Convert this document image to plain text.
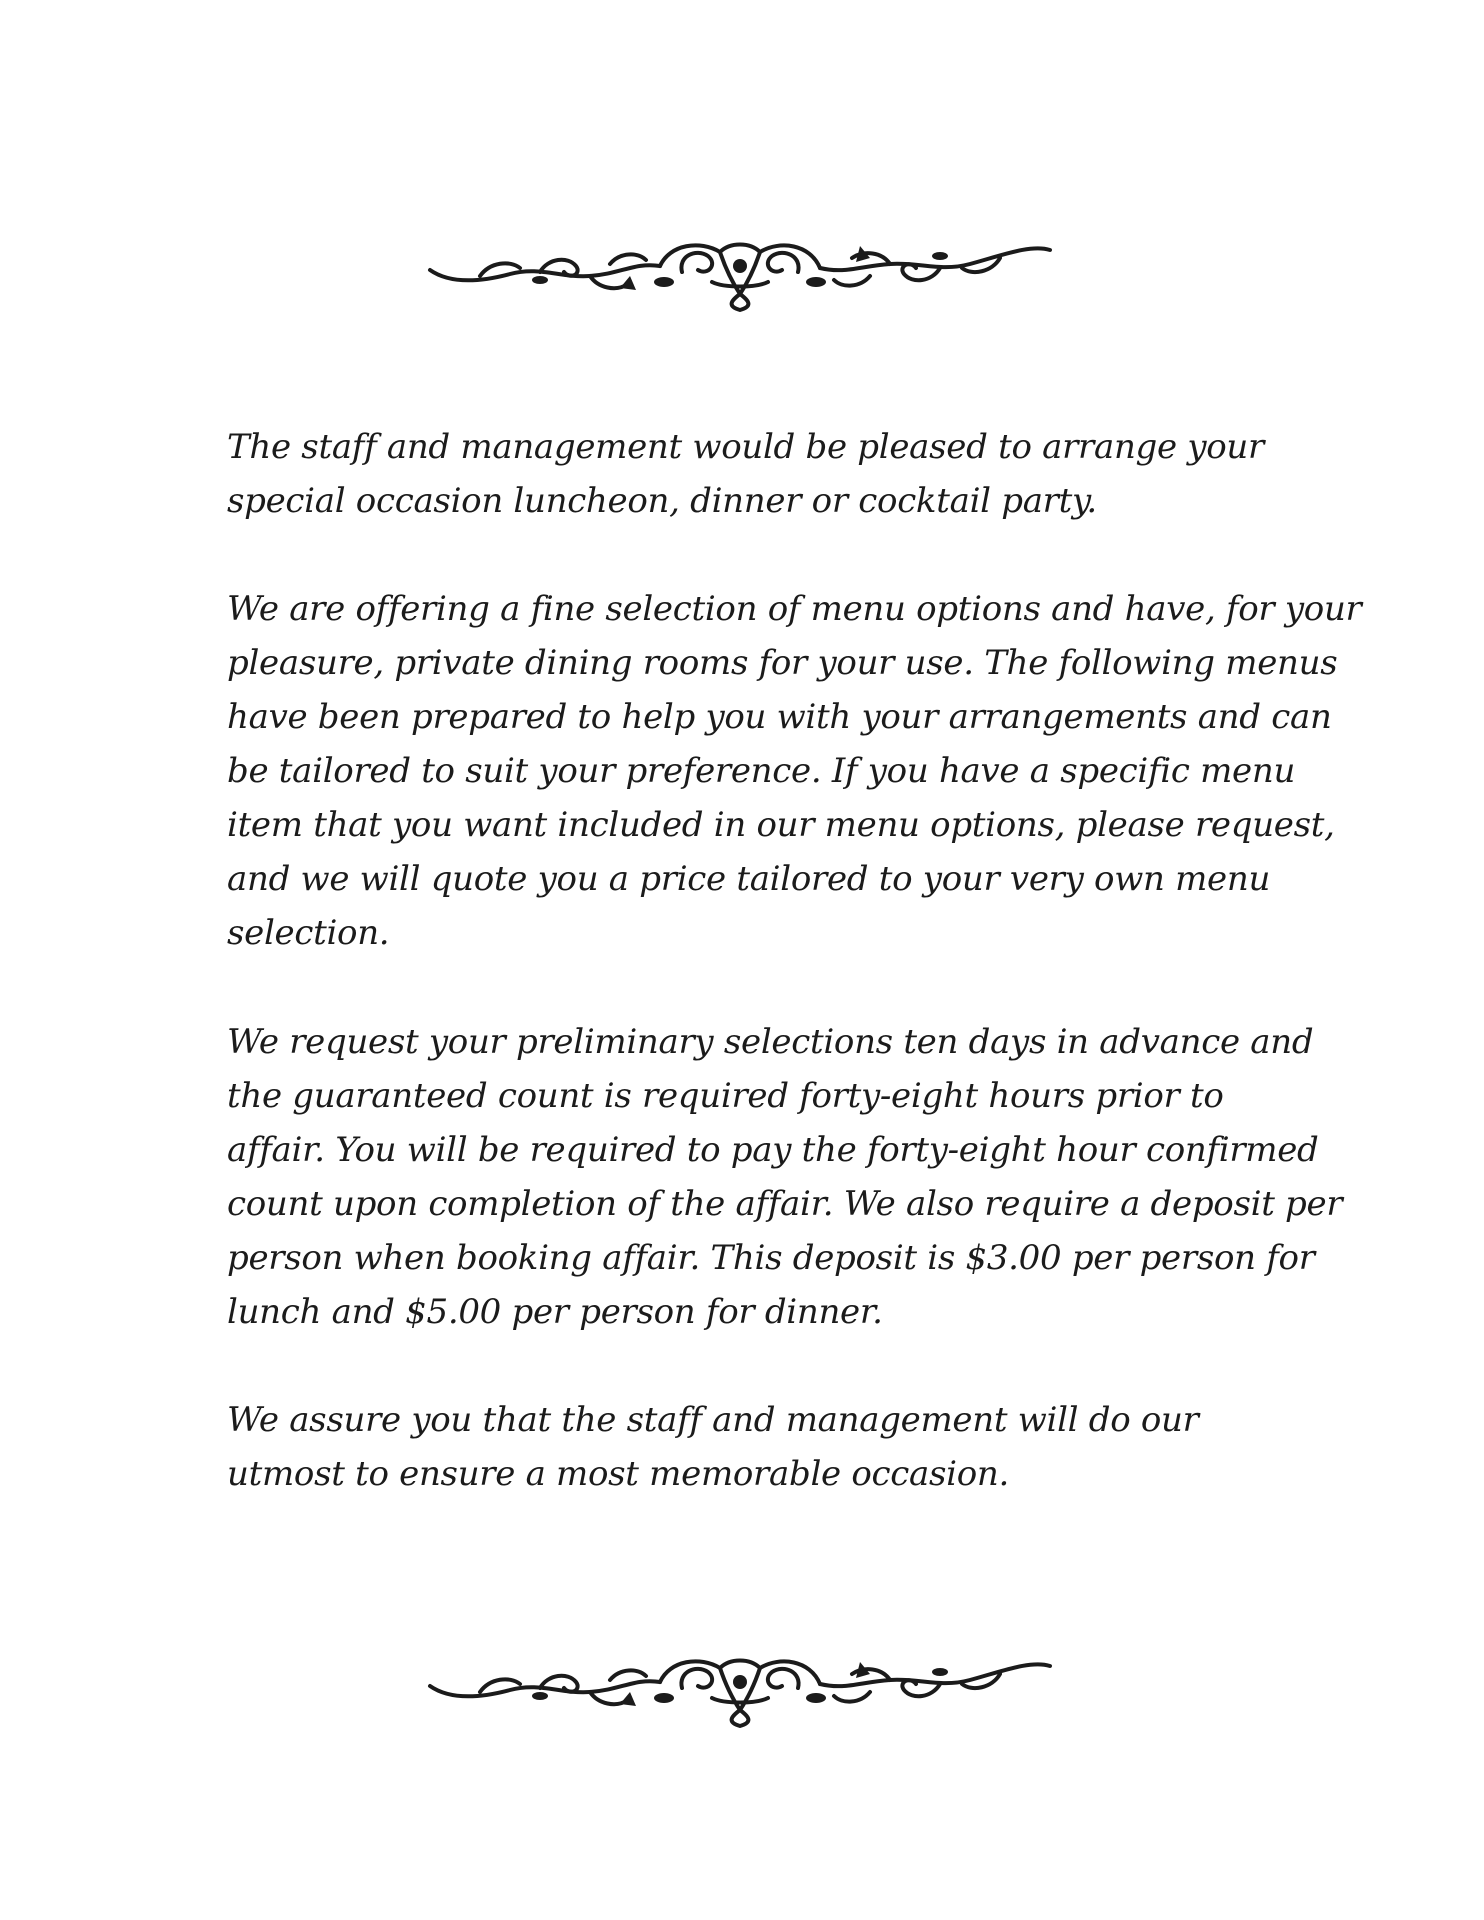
The staff and management would be pleased to arrange your
special occasion luncheon, dinner or cocktail party.
We are offering a fine selection of menu options and have, for your
pleasure, private dining rooms for your use. The following menus
have been prepared to help you with your arrangements and can
be tailored to suit your preference. If you have a specific menu
item that you want included in our menu options, please request,
and we will quote you a price tailored to your very own menu
selection.
We request your preliminary selections ten days in advance and
the guaranteed count is required forty-eight hours prior to
affair. You will be required to pay the forty-eight hour confirmed
count upon completion of the affair. We also require a deposit per
person when booking affair. This deposit is $3.00 per person for
lunch and $5.00 per person for dinner.
We assure you that the staff and management will do our
utmost to ensure a most memorable occasion.
